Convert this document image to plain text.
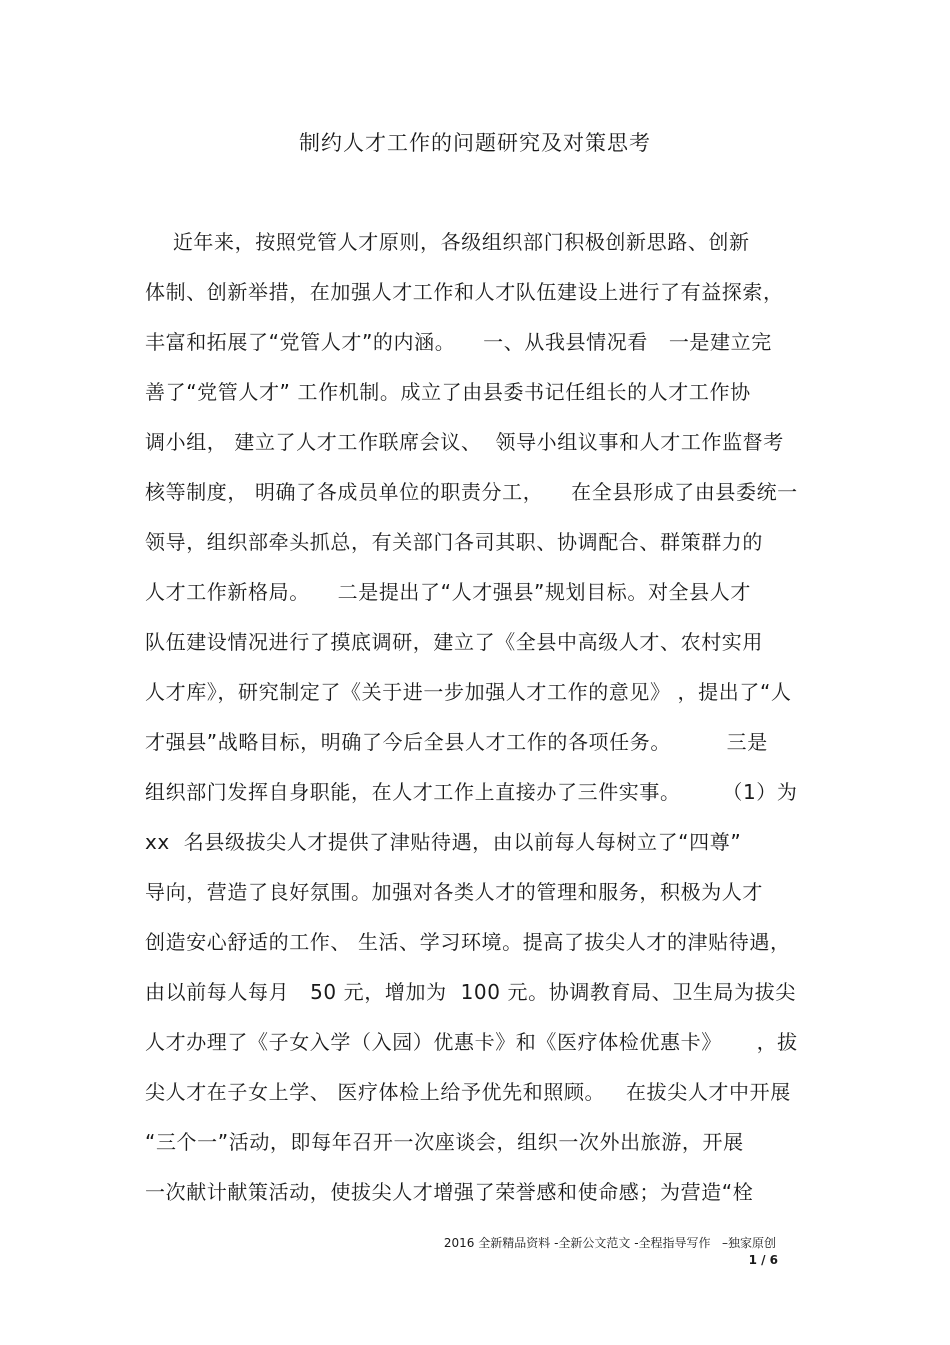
制约人才工作的问题研究及对策思考
近年来，按照党管人才原则，各级组织部门积极创新思路、创新
体制、创新举措，在加强人才工作和人才队伍建设上进行了有益探索，
丰富和拓展了“党管人才”的内涵。    一、从我县情况看   一是建立完
善了“党管人才” 工作机制。成立了由县委书记任组长的人才工作协
调小组， 建立了人才工作联席会议、  领导小组议事和人才工作监督考
核等制度， 明确了各成员单位的职责分工，    在全县形成了由县委统一
领导，组织部牵头抓总，有关部门各司其职、协调配合、群策群力的
人才工作新格局。    二是提出了“人才强县”规划目标。对全县人才
队伍建设情况进行了摸底调研，建立了《全县中高级人才、农村实用
人才库》，研究制定了《关于进一步加强人才工作的意见》 ，提出了“人
才强县”战略目标，明确了今后全县人才工作的各项任务。        三是
组织部门发挥自身职能，在人才工作上直接办了三件实事。      （1）为
xx  名县级拔尖人才提供了津贴待遇，由以前每人每树立了“四尊”
导向，营造了良好氛围。加强对各类人才的管理和服务，积极为人才
创造安心舒适的工作、 生活、学习环境。提高了拔尖人才的津贴待遇，
由以前每人每月   50 元，增加为  100 元。协调教育局、卫生局为拔尖
人才办理了《子女入学（入园）优惠卡》和《医疗体检优惠卡》     ，拔
尖人才在子女上学、 医疗体检上给予优先和照顾。   在拔尖人才中开展
“三个一”活动，即每年召开一次座谈会，组织一次外出旅游，开展
一次献计献策活动，使拔尖人才增强了荣誉感和使命感；为营造“栓
2016 全新精品资料 -全新公文范文 -全程指导写作   –独家原创
1 / 6
